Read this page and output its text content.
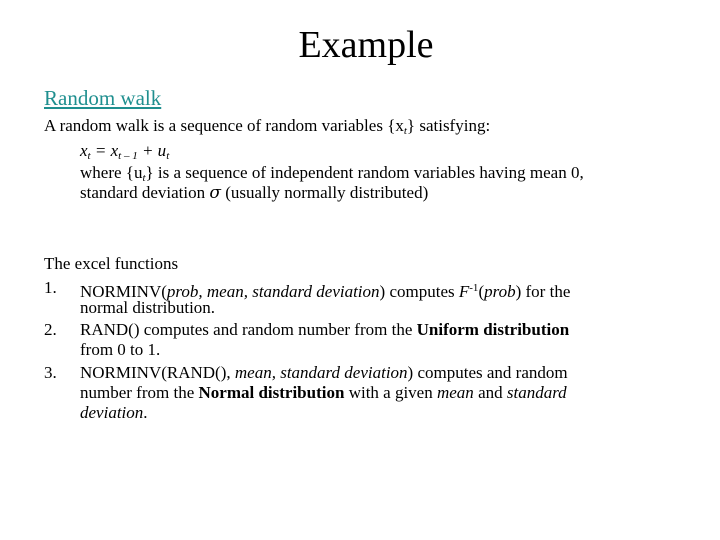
Example
Random walk
A random walk is a sequence of random variables $\{x_t\}$ satisfying:
$x_t = x_{t - 1} + u_t$
where $\{u_t\}$ is a sequence of independent random variables having mean 0,
standard deviation σ (usually normally distributed)
The excel functions
1. NORMINV(prob, mean, standard deviation) computes $F^{-1}(prob)$ for the
normal distribution.
2. RAND() computes and random number from the Uniform distribution
from 0 to 1.
3. NORMINV(RAND(), mean, standard deviation) computes and random
number from the Normal distribution with a given mean and standard
deviation.
